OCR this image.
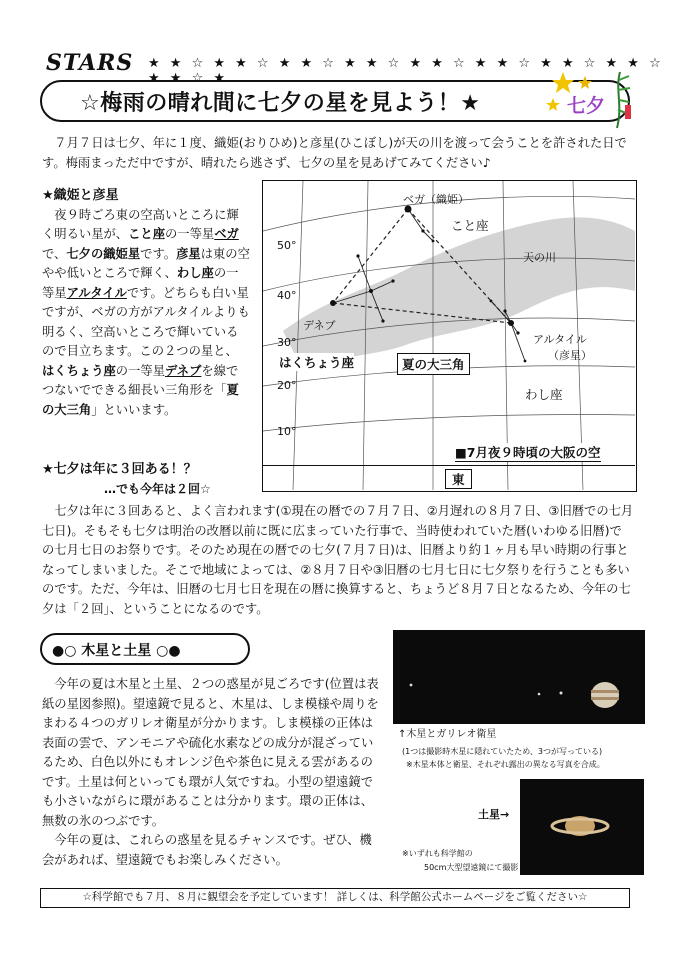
STARS ★ ★ ☆ ★ ★ ☆ ★ ★ ☆ ★ ★ ☆ ★ ★ ☆ ★ ★ ☆ ★ ★ ☆ ★ ★ ☆ ★ ★ ☆ ★
☆梅雨の晴れ間に七夕の星を見よう！★	七夕
７月７日は七夕、年に１度、織姫(おりひめ)と彦星(ひこぼし)が天の川を渡って会うことを許された日です。梅雨まっただ中ですが、晴れたら逃さず、七夕の星を見あげてみてください♪
★織姫と彦星

夜９時ごろ東の空高いところに輝く明るい星が、こと座の一等星ベガで、七夕の織姫星です。彦星は東の空やや低いところで輝く、わし座の一等星アルタイルです。どちらも白い星ですが、ベガの方がアルタイルよりも明るく、空高いところで輝いているので目立ちます。この２つの星と、はくちょう座の一等星デネブを線でつないでできる細長い三角形を「夏の大三角」といいます。

ベガ（織姫）
こと座
天の川
デネブ
アルタイル
（彦星）
はくちょう座	夏の大三角
わし座
50°
40°
30°
20°
10°
■7月夜９時頃の大阪の空
東
★七夕は年に３回ある！？
…でも今年は２回☆
七夕は年に３回あると、よく言われます(①現在の暦での７月７日、②月遅れの８月７日、③旧暦での七月七日)。そもそも七夕は明治の改暦以前に既に広まっていた行事で、当時使われていた暦(いわゆる旧暦)での七月七日のお祭りです。そのため現在の暦での七夕(７月７日)は、旧暦より約１ヶ月も早い時期の行事となってしまいました。そこで地域によっては、②８月７日や③旧暦の七月七日に七夕祭りを行うことも多いのです。ただ、今年は、旧暦の七月七日を現在の暦に換算すると、ちょうど８月７日となるため、今年の七夕は「２回」、ということになるのです。
●○ 木星と土星 ○●
今年の夏は木星と土星、２つの惑星が見ごろです(位置は表紙の星図参照)。望遠鏡で見ると、木星は、しま模様や周りをまわる４つのガリレオ衛星が分かります。しま模様の正体は表面の雲で、アンモニアや硫化水素などの成分が混ざっているため、白色以外にもオレンジ色や茶色に見える雲があるのです。土星は何といっても環が人気ですね。小型の望遠鏡でも小さいながらに環があることは分かります。環の正体は、無数の氷のつぶです。
今年の夏は、これらの惑星を見るチャンスです。ぜひ、機会があれば、望遠鏡でもお楽しみください。
↑木星とガリレオ衛星
(1つは撮影時木星に隠れていたため、3つが写っている)
※木星本体と衛星、それぞれ露出の異なる写真を合成。
土星→
※いずれも科学館の
50cm大型望遠鏡にて撮影
☆科学館でも７月、８月に観望会を予定しています！ 詳しくは、科学館公式ホームページをご覧ください☆
